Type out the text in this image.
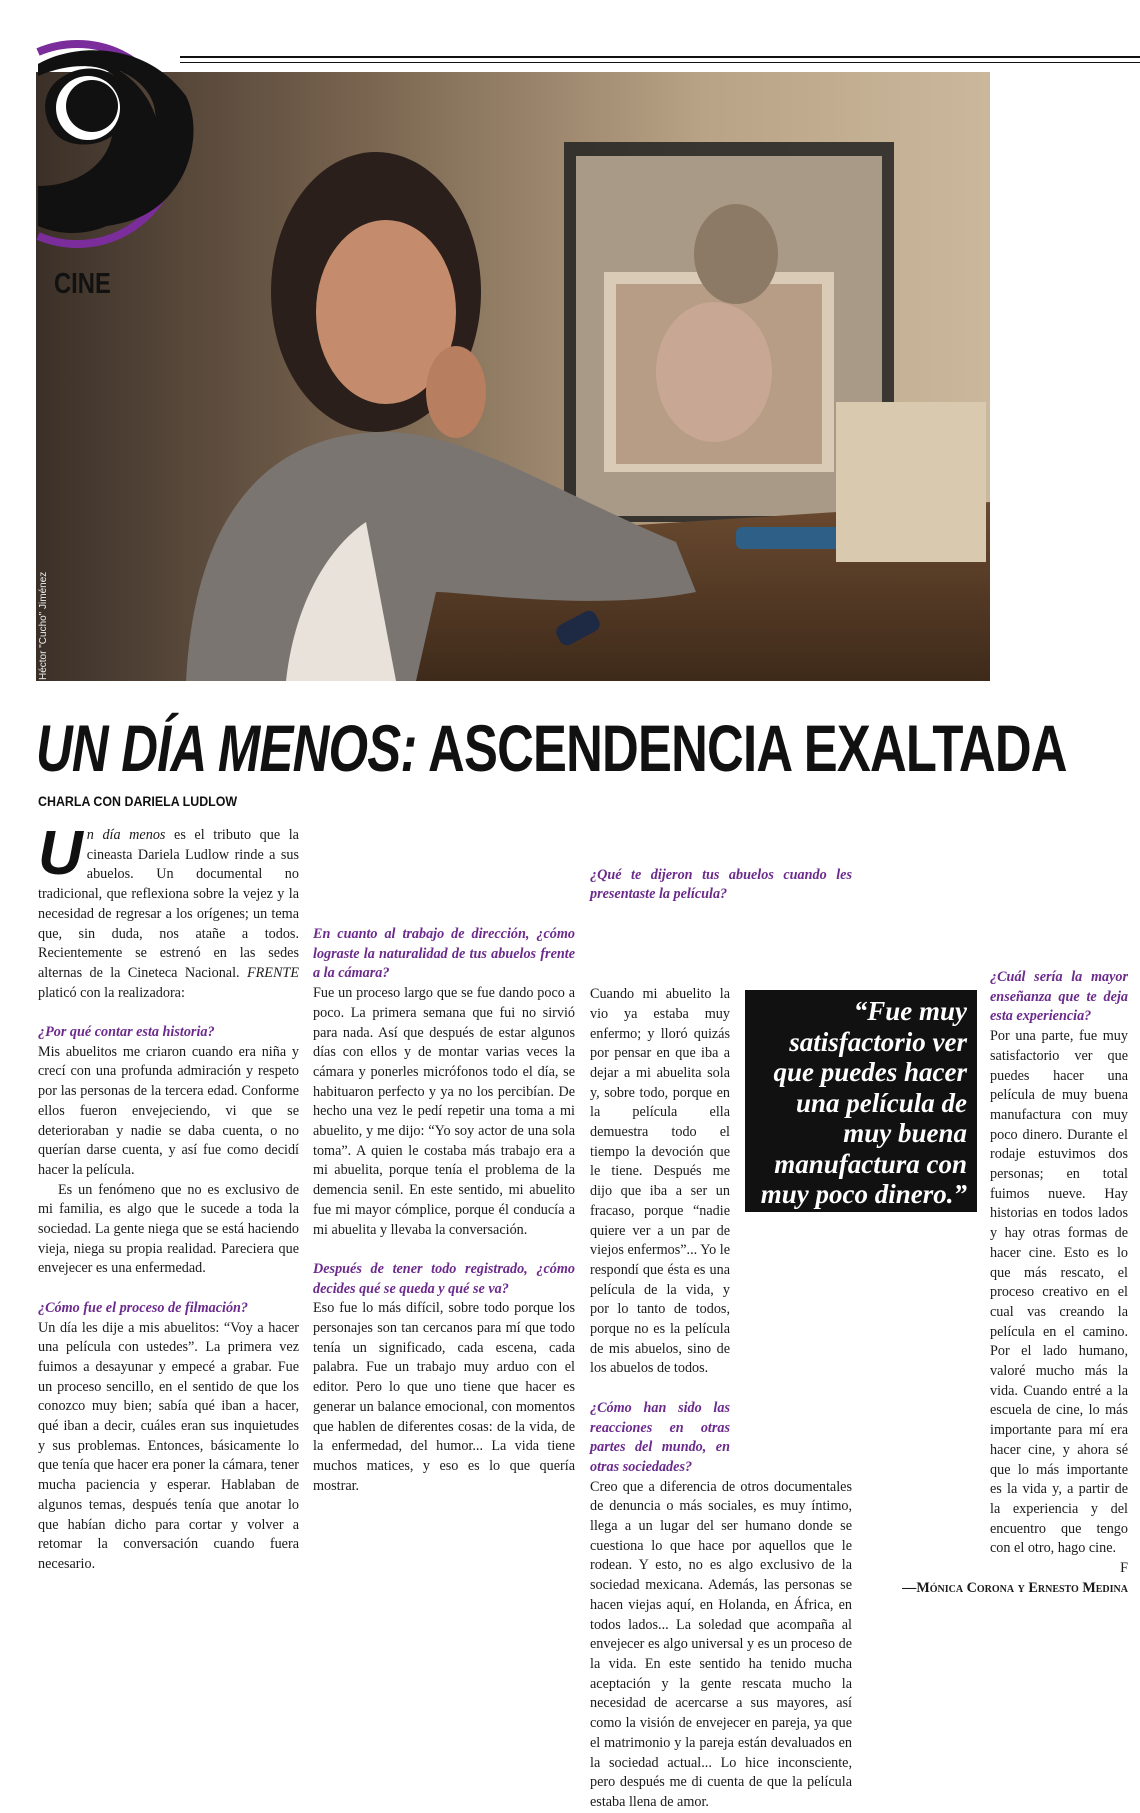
CINE
Héctor "Cucho" Jiménez
UN DÍA MENOS: ASCENDENCIA EXALTADA
CHARLA CON DARIELA LUDLOW

Un día menos es el tributo que la cineasta Dariela Ludlow rinde a sus abuelos. Un documental no tradicional, que reflexiona sobre la vejez y la necesidad de regresar a los orígenes; un tema que, sin duda, nos atañe a todos. Recientemente se estrenó en las sedes alternas de la Cineteca Nacional. FRENTE platicó con la realizadora:

¿Por qué contar esta historia?

Mis abuelitos me criaron cuando era niña y crecí con una profunda admiración y respeto por las personas de la tercera edad. Conforme ellos fueron envejeciendo, vi que se deterioraban y nadie se daba cuenta, o no querían darse cuenta, y así fue como decidí hacer la película.

Es un fenómeno que no es exclusivo de mi familia, es algo que le sucede a toda la sociedad. La gente niega que se está haciendo vieja, niega su propia realidad. Pareciera que envejecer es una enfermedad.

¿Cómo fue el proceso de filmación?

Un día les dije a mis abuelitos: “Voy a hacer una película con ustedes”. La primera vez fuimos a desayunar y empecé a grabar. Fue un proceso sencillo, en el sentido de que los conozco muy bien; sabía qué iban a hacer, qué iban a decir, cuáles eran sus inquietudes y sus problemas. Entonces, básicamente lo que tenía que hacer era poner la cámara, tener mucha paciencia y esperar. Hablaban de algunos temas, después tenía que anotar lo que habían dicho para cortar y volver a retomar la conversación cuando fuera necesario.

En cuanto al trabajo de dirección, ¿cómo lograste la naturalidad de tus abuelos frente a la cámara?

Fue un proceso largo que se fue dando poco a poco. La primera semana que fui no sirvió para nada. Así que después de estar algunos días con ellos y de montar varias veces la cámara y ponerles micrófonos todo el día, se habituaron perfecto y ya no los percibían. De hecho una vez le pedí repetir una toma a mi abuelito, y me dijo: “Yo soy actor de una sola toma”. A quien le costaba más trabajo era a mi abuelita, porque tenía el problema de la demencia senil. En este sentido, mi abuelito fue mi mayor cómplice, porque él conducía a mi abuelita y llevaba la conversación.

Después de tener todo registrado, ¿cómo decides qué se queda y qué se va?

Eso fue lo más difícil, sobre todo porque los personajes son tan cercanos para mí que todo tenía un significado, cada escena, cada palabra. Fue un trabajo muy arduo con el editor. Pero lo que uno tiene que hacer es generar un balance emocional, con momentos que hablen de diferentes cosas: de la vida, de la enfermedad, del humor... La vida tiene muchos matices, y eso es lo que quería mostrar.

¿Qué te dijeron tus abuelos cuando les presentaste la película?

Cuando mi abuelito la vio ya estaba muy enfermo; y lloró quizás por pensar en que iba a dejar a mi abuelita sola y, sobre todo, porque en la película ella demuestra todo el tiempo la devoción que le tiene. Después me dijo que iba a ser un fracaso, porque “nadie quiere ver a un par de viejos enfermos”... Yo le respondí que ésta es una película de la vida, y por lo tanto de todos, porque no es la película de mis abuelos, sino de los abuelos de todos.

¿Cómo han sido las reacciones en otras partes del mundo, en otras sociedades?

Creo que a diferencia de otros documentales de denuncia o más sociales, es muy íntimo, llega a un lugar del ser humano donde se cuestiona lo que hace por aquellos que le rodean. Y esto, no es algo exclusivo de la sociedad mexicana. Además, las personas se hacen viejas aquí, en Holanda, en África, en todos lados... La soledad que acompaña al envejecer es algo universal y es un proceso de la vida. En este sentido ha tenido mucha aceptación y la gente rescata mucho la necesidad de acercarse a sus mayores, así como la visión de envejecer en pareja, ya que el matrimonio y la pareja están devaluados en la sociedad actual... Lo hice inconsciente, pero después me di cuenta de que la película estaba llena de amor.

¿Cuál sería la mayor enseñanza que te deja esta experiencia?

Por una parte, fue muy satisfactorio ver que puedes hacer una película de muy buena manufactura con muy poco dinero. Durante el rodaje estuvimos dos personas; en total fuimos nueve. Hay historias en todos lados y hay otras formas de hacer cine. Esto es lo que más rescato, el proceso creativo en el cual vas creando la película en el camino. Por el lado humano, valoré mucho más la vida. Cuando entré a la escuela de cine, lo más importante para mí era hacer cine, y ahora sé que lo más importante es la vida y, a partir de la experiencia y del encuentro que tengo con el otro, hago cine.

F

—Mónica Corona y Ernesto Medina

“Fue muy satisfactorio ver que puedes hacer una película de muy buena manufactura con muy poco dinero.”
